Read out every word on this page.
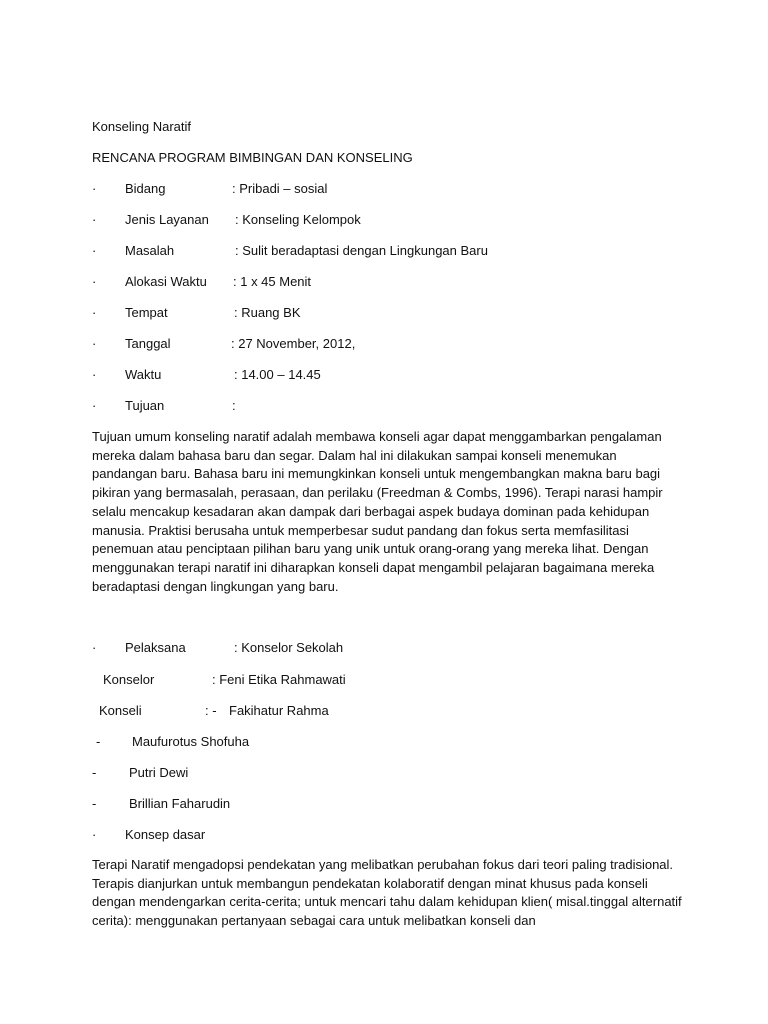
Konseling Naratif
RENCANA PROGRAM BIMBINGAN DAN KONSELING
· Bidang	: Pribadi – sosial
· Jenis Layanan : Konseling Kelompok
· Masalah	: Sulit beradaptasi dengan Lingkungan Baru
· Alokasi Waktu : 1 x 45 Menit
· Tempat	: Ruang BK
· Tanggal	: 27 November, 2012,
· Waktu	: 14.00 – 14.45
· Tujuan	:
Tujuan umum konseling naratif adalah membawa konseli agar dapat menggambarkan pengalaman mereka dalam bahasa baru dan segar. Dalam hal ini dilakukan sampai konseli menemukan pandangan baru. Bahasa baru ini memungkinkan konseli untuk mengembangkan makna baru bagi pikiran yang bermasalah, perasaan, dan perilaku (Freedman & Combs, 1996). Terapi narasi hampir selalu mencakup kesadaran akan dampak dari berbagai aspek budaya dominan pada kehidupan manusia. Praktisi berusaha untuk memperbesar sudut pandang dan fokus serta memfasilitasi penemuan atau penciptaan pilihan baru yang unik untuk orang-orang yang mereka lihat. Dengan menggunakan terapi naratif ini diharapkan konseli dapat mengambil pelajaran bagaimana mereka beradaptasi dengan lingkungan yang baru.
· Pelaksana	: Konselor Sekolah
Konselor	: Feni Etika Rahmawati
Konseli	: - Fakihatur Rahma
- Maufurotus Shofuha
-	Putri Dewi
-	Brillian Faharudin
· Konsep dasar
Terapi Naratif mengadopsi pendekatan yang melibatkan perubahan fokus dari teori paling tradisional. Terapis dianjurkan untuk membangun pendekatan kolaboratif dengan minat khusus pada konseli dengan mendengarkan cerita-cerita; untuk mencari tahu dalam kehidupan klien( misal.tinggal alternatif cerita): menggunakan pertanyaan sebagai cara untuk melibatkan konseli dan
